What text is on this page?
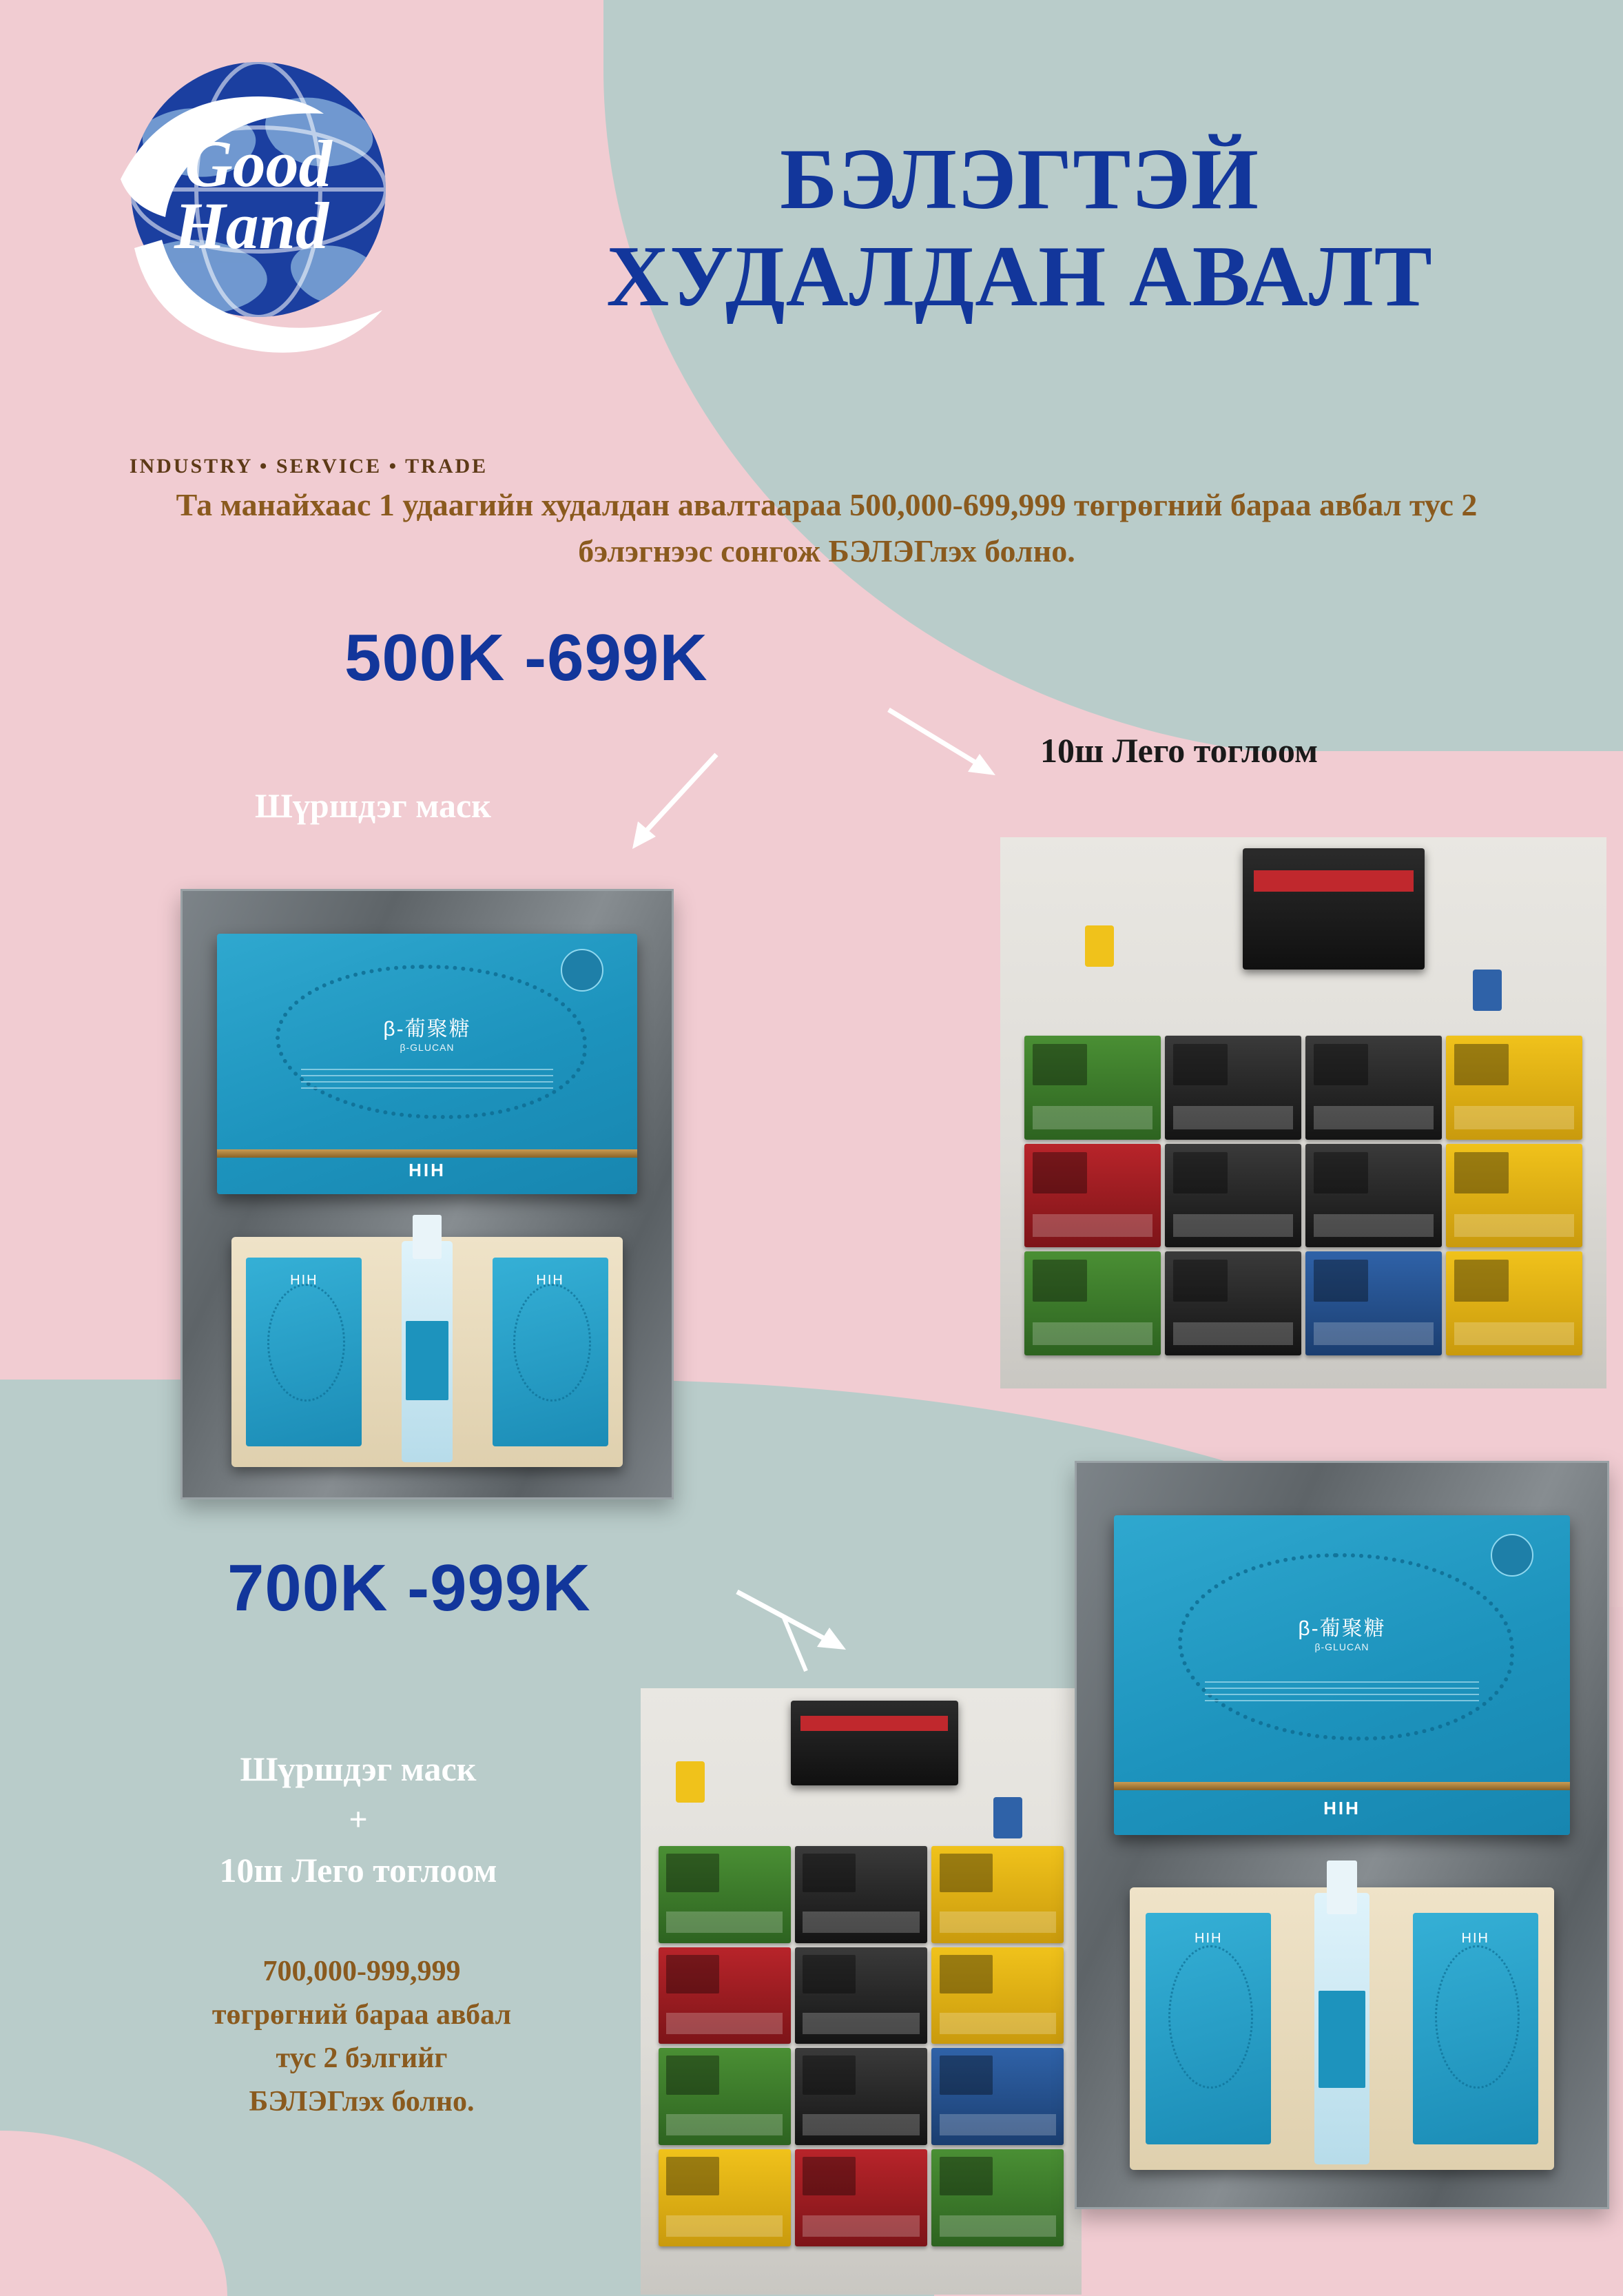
Good
Hand
INDUSTRY • SERVICE • TRADE
БЭЛЭГТЭЙ
ХУДАЛДАН АВАЛТ
Та манайхаас 1 удаагийн худалдан авалтаараа 500,000-699,999 төгрөгний бараа авбал тус 2 бэлэгнээс сонгож БЭЛЭГлэх болно.
500K -699K
Шүршдэг маск
10ш Лего тоглоом
β-葡聚糖
β-GLUCAN
HIH
HIH	HIH
700K -999K
Шүршдэг маск
+
10ш Лего тоглоом
700,000-999,999
төгрөгний бараа авбал
тус 2 бэлгийг
БЭЛЭГлэх болно.
β-葡聚糖
β-GLUCAN
HIH
HIH	HIH
